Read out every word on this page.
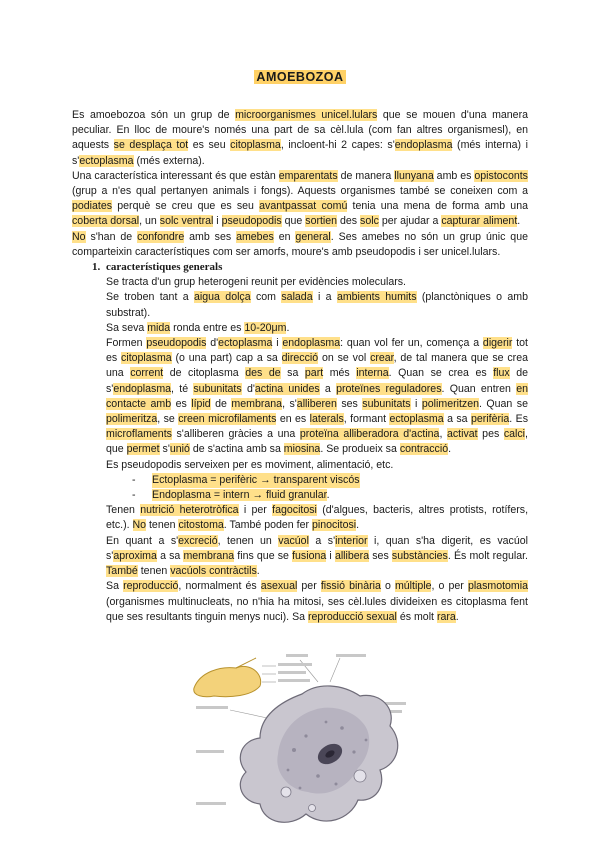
AMOEBOZOA

Es amoebozoa són un grup de microorganismes unicel.lulars que se mouen d'una manera peculiar. En lloc de moure's només una part de sa cèl.lula (com fan altres organismesl), en aquests se desplaça tot es seu citoplasma, incloent-hi 2 capes: s'endoplasma (més interna) i s'ectoplasma (més externa).

Una característica interessant és que estàn emparentats de manera llunyana amb es opistoconts (grup a n'es qual pertanyen animals i fongs). Aquests organismes també se coneixen com a podiates perquè se creu que es seu avantpassat comú tenia una mena de forma amb una coberta dorsal, un solc ventral i pseudopodis que sortien des solc per ajudar a capturar aliment.

No s'han de confondre amb ses amebes en general. Ses amebes no són un grup únic que comparteixin característiques com ser amorfs, moure's amb pseudopodis i ser unicel.lulars.

1. característiques generals

Se tracta d'un grup heterogeni reunit per evidències moleculars.

Se troben tant a aigua dolça com salada i a ambients humits (planctòniques o amb substrat).

Sa seva mida ronda entre es 10-20μm.

Formen pseudopodis d'ectoplasma i endoplasma: quan vol fer un, comença a digerir tot es citoplasma (o una part) cap a sa direcció on se vol crear, de tal manera que se crea una corrent de citoplasma des de sa part més interna. Quan se crea es flux de s'endoplasma, té subunitats d'actina unides a proteïnes reguladores. Quan entren en contacte amb es lípid de membrana, s'alliberen ses subunitats i polimeritzen. Quan se polimeritza, se creen microfilaments en es laterals, formant ectoplasma a sa perifèria. Es microflaments s'alliberen gràcies a una proteïna alliberadora d'actina, activat pes calci, que permet s'unió de s'actina amb sa miosina. Se produeix sa contracció.

Es pseudopodis serveixen per es moviment, alimentació, etc.

-	Ectoplasma = perifèric → transparent viscós
-	Endoplasma = intern → fluid granular.

Tenen nutrició heterotròfica i per fagocitosi (d'algues, bacteris, altres protists, rotífers, etc.). No tenen citostoma. També poden fer pinocitosi.

En quant a s'excreció, tenen un vacúol a s'interior i, quan s'ha digerit, es vacúol s'aproxima a sa membrana fins que se fusiona i allibera ses substàncies. És molt regular. També tenen vacúols contràctils.

Sa reproducció, normalment és asexual per fissió binària o múltiple, o per plasmotomia (organismes multinucleats, no n'hia ha mitosi, ses cèl.lules divideixen es citoplasma fent que ses resultants tinguin menys nuci). Sa reproducció sexual és molt rara.
